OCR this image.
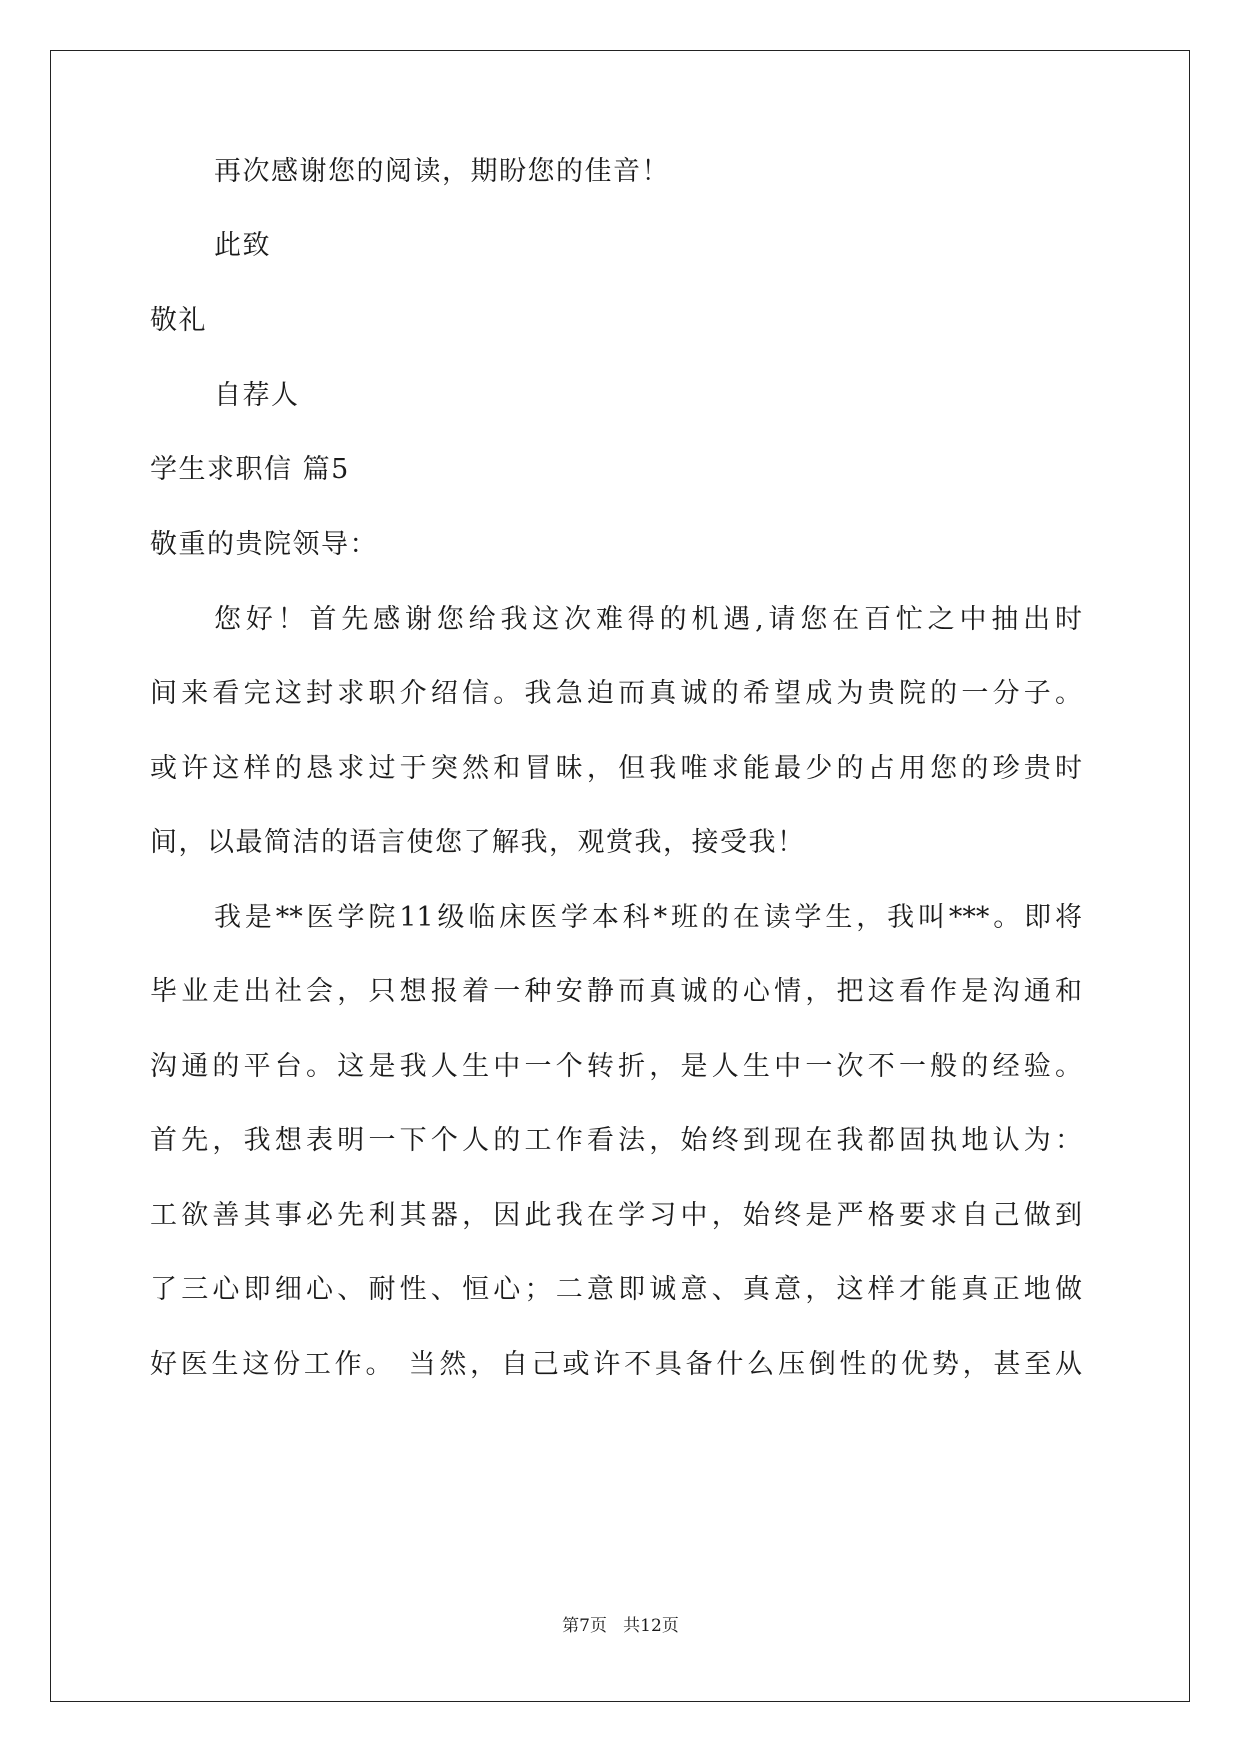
再次感谢您的阅读，期盼您的佳音！
此致
敬礼
自荐人
学生求职信 篇5
敬重的贵院领导：
您好！首先感谢您给我这次难得的机遇,请您在百忙之中抽出时
间来看完这封求职介绍信。我急迫而真诚的希望成为贵院的一分子。
或许这样的恳求过于突然和冒昧，但我唯求能最少的占用您的珍贵时
间，以最简洁的语言使您了解我，观赏我，接受我！
我是**医学院11级临床医学本科*班的在读学生，我叫***。即将
毕业走出社会，只想报着一种安静而真诚的心情，把这看作是沟通和
沟通的平台。这是我人生中一个转折，是人生中一次不一般的经验。
首先，我想表明一下个人的工作看法，始终到现在我都固执地认为：
工欲善其事必先利其器，因此我在学习中，始终是严格要求自己做到
了三心即细心、耐性、恒心；二意即诚意、真意，这样才能真正地做
好医生这份工作。 当然，自己或许不具备什么压倒性的优势，甚至从
第7页   共12页
